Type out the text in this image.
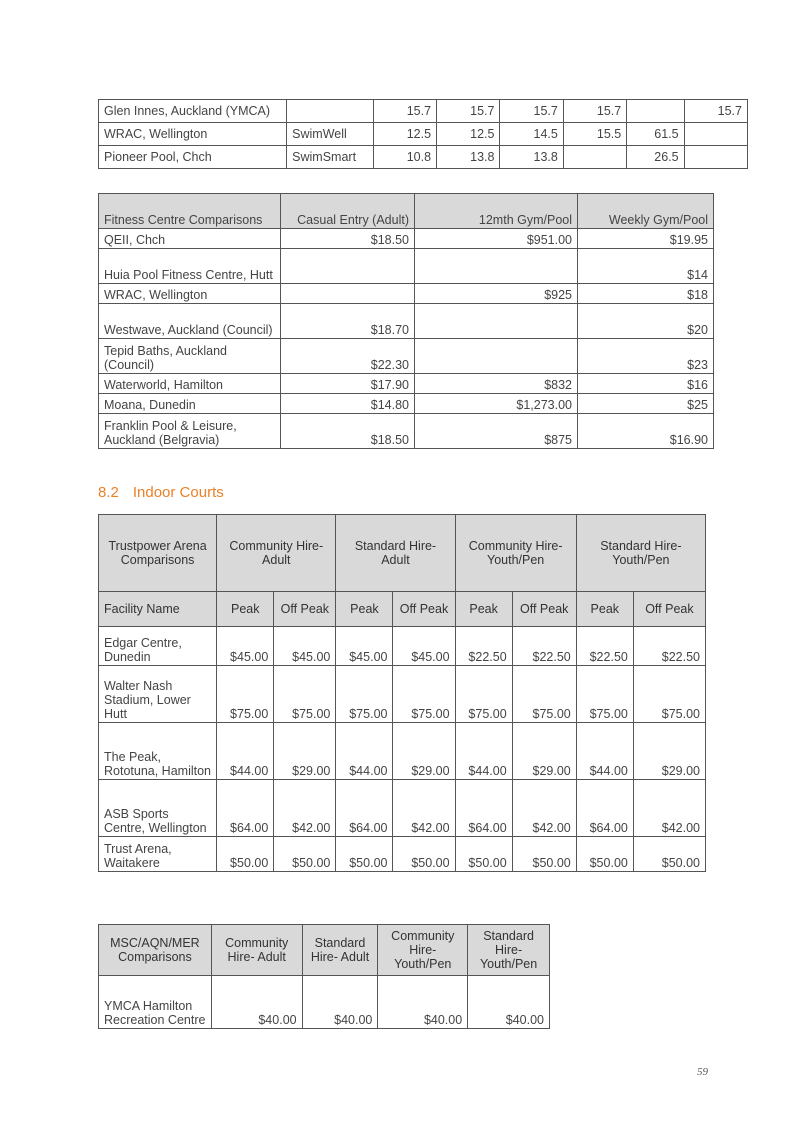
Glen Innes, Auckland (YMCA)		15.7	15.7	15.7	15.7		15.7
WRAC, Wellington	SwimWell	12.5	12.5	14.5	15.5	61.5	
Pioneer Pool, Chch	SwimSmart	10.8	13.8	13.8		26.5	
Fitness Centre Comparisons	Casual Entry (Adult)	12mth Gym/Pool	Weekly Gym/Pool
QEII, Chch	$18.50	$951.00	$19.95
Huia Pool Fitness Centre, Hutt			$14
WRAC, Wellington		$925	$18
Westwave, Auckland (Council)	$18.70		$20
Tepid Baths, Auckland (Council)	$22.30		$23
Waterworld, Hamilton	$17.90	$832	$16
Moana, Dunedin	$14.80	$1,273.00	$25
Franklin Pool & Leisure, Auckland (Belgravia)	$18.50	$875	$16.90
8.2 Indoor Courts
Trustpower Arena Comparisons	Community Hire- Adult		Standard Hire- Adult		Community Hire- Youth/Pen		Standard Hire- Youth/Pen	
Facility Name	Peak	Off Peak	Peak	Off Peak	Peak	Off Peak	Peak	Off Peak
Edgar Centre, Dunedin	$45.00	$45.00	$45.00	$45.00	$22.50	$22.50	$22.50	$22.50
Walter Nash Stadium, Lower Hutt	$75.00	$75.00	$75.00	$75.00	$75.00	$75.00	$75.00	$75.00
The Peak, Rototuna, Hamilton	$44.00	$29.00	$44.00	$29.00	$44.00	$29.00	$44.00	$29.00
ASB Sports Centre, Wellington	$64.00	$42.00	$64.00	$42.00	$64.00	$42.00	$64.00	$42.00
Trust Arena, Waitakere	$50.00	$50.00	$50.00	$50.00	$50.00	$50.00	$50.00	$50.00
MSC/AQN/MER Comparisons	Community Hire- Adult	Standard Hire- Adult	Community Hire- Youth/Pen	Standard Hire- Youth/Pen
YMCA Hamilton Recreation Centre	$40.00	$40.00	$40.00	$40.00
59
